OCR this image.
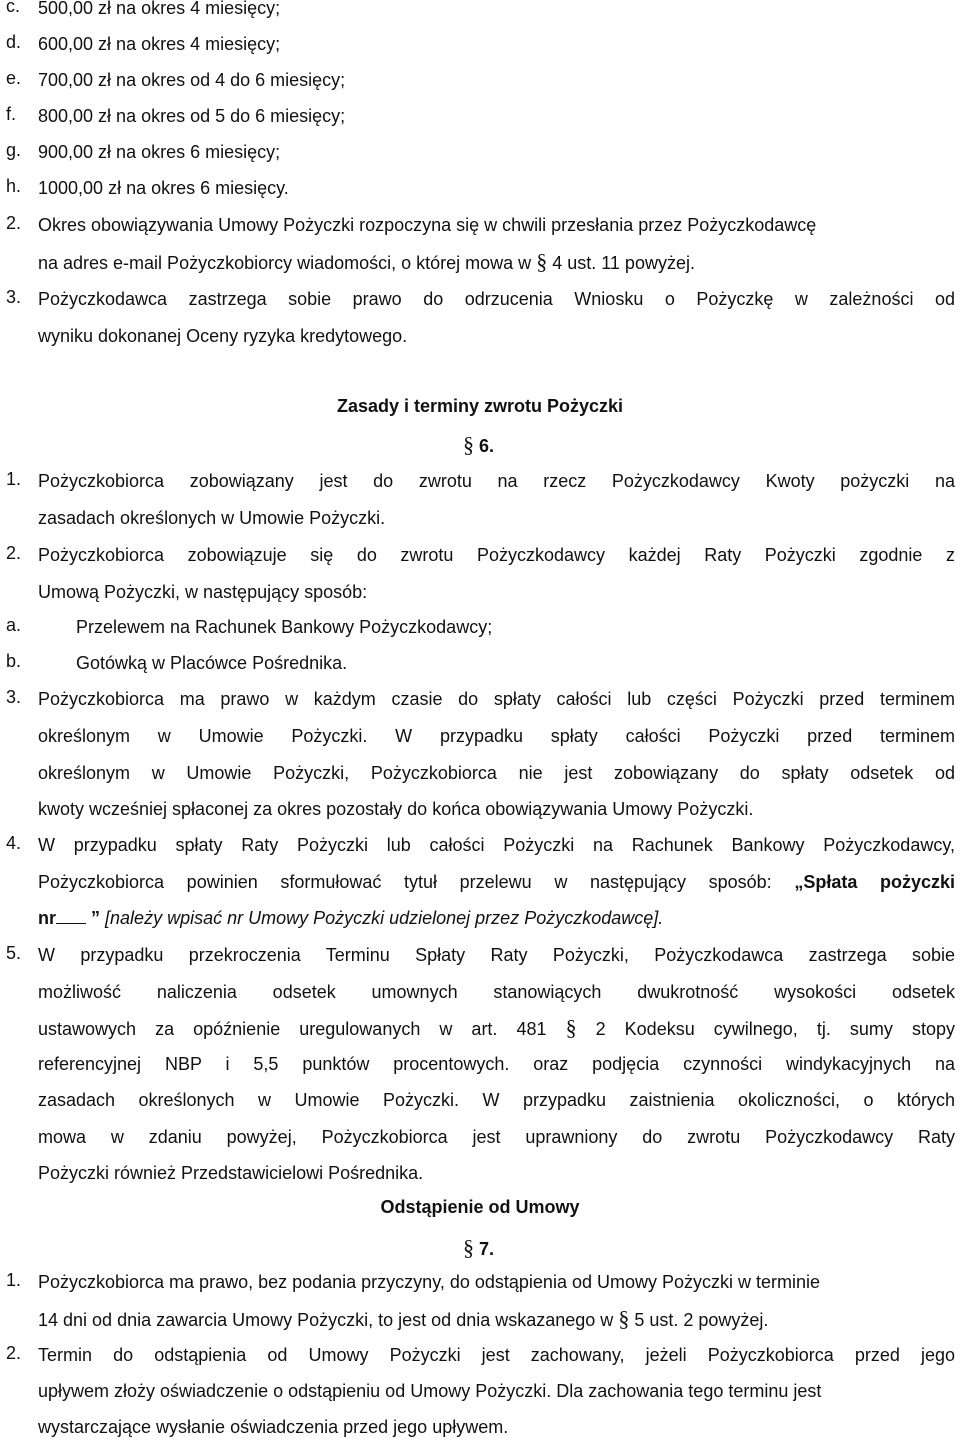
c. 500,00 zł na okres 4 miesięcy;
d. 600,00 zł na okres 4 miesięcy;
e. 700,00 zł na okres od 4 do 6 miesięcy;
f.	800,00 zł na okres od 5 do 6 miesięcy;
g. 900,00 zł na okres 6 miesięcy;
h. 1000,00 zł na okres 6 miesięcy.
2. Okres obowiązywania Umowy Pożyczki rozpoczyna się w chwili przesłania przez Pożyczkodawcę
na adres e-mail Pożyczkobiorcy wiadomości, o której mowa w § 4 ust. 11 powyżej.
3. Pożyczkodawca zastrzega sobie prawo do odrzucenia Wniosku o Pożyczkę w zależności od
wyniku dokonanej Oceny ryzyka kredytowego.
Zasady i terminy zwrotu Pożyczki
§ 6.
1. Pożyczkobiorca zobowiązany jest do zwrotu na rzecz Pożyczkodawcy Kwoty pożyczki na
zasadach określonych w Umowie Pożyczki.
2. Pożyczkobiorca zobowiązuje się do zwrotu Pożyczkodawcy każdej Raty Pożyczki zgodnie z
Umową Pożyczki, w następujący sposób:
a.	Przelewem na Rachunek Bankowy Pożyczkodawcy;
b.	Gotówką w Placówce Pośrednika.
3. Pożyczkobiorca ma prawo w każdym czasie do spłaty całości lub części Pożyczki przed terminem
określonym w Umowie Pożyczki. W przypadku spłaty całości Pożyczki przed terminem
określonym w Umowie Pożyczki, Pożyczkobiorca nie jest zobowiązany do spłaty odsetek od
kwoty wcześniej spłaconej za okres pozostały do końca obowiązywania Umowy Pożyczki.
4. W przypadku spłaty Raty Pożyczki lub całości Pożyczki na Rachunek Bankowy Pożyczkodawcy,
Pożyczkobiorca powinien sformułować tytuł przelewu w następujący sposób: „Spłata pożyczki
nr ” [należy wpisać nr Umowy Pożyczki udzielonej przez Pożyczkodawcę].
5. W przypadku przekroczenia Terminu Spłaty Raty Pożyczki, Pożyczkodawca zastrzega sobie
możliwość naliczenia odsetek umownych stanowiących dwukrotność wysokości odsetek
ustawowych za opóźnienie uregulowanych w art. 481 § 2 Kodeksu cywilnego, tj. sumy stopy
referencyjnej NBP i 5,5 punktów procentowych. oraz podjęcia czynności windykacyjnych na
zasadach określonych w Umowie Pożyczki. W przypadku zaistnienia okoliczności, o których
mowa w zdaniu powyżej, Pożyczkobiorca jest uprawniony do zwrotu Pożyczkodawcy Raty
Pożyczki również Przedstawicielowi Pośrednika.
Odstąpienie od Umowy
§ 7.
1. Pożyczkobiorca ma prawo, bez podania przyczyny, do odstąpienia od Umowy Pożyczki w terminie
14 dni od dnia zawarcia Umowy Pożyczki, to jest od dnia wskazanego w § 5 ust. 2 powyżej.
2. Termin do odstąpienia od Umowy Pożyczki jest zachowany, jeżeli Pożyczkobiorca przed jego
upływem złoży oświadczenie o odstąpieniu od Umowy Pożyczki. Dla zachowania tego terminu jest
wystarczające wysłanie oświadczenia przed jego upływem.
